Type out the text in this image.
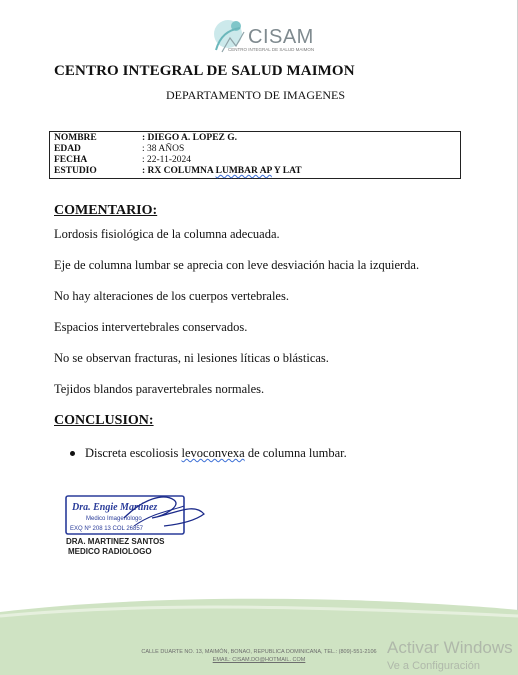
CISAM
CENTRO INTEGRAL DE SALUD MAIMON
CENTRO INTEGRAL DE SALUD MAIMON
DEPARTAMENTO DE IMAGENES
NOMBRE	: DIEGO A. LOPEZ G.
EDAD	: 38 AÑOS
FECHA	: 22-11-2024
ESTUDIO	: RX COLUMNA LUMBAR AP Y LAT
COMENTARIO:
Lordosis fisiológica de la columna adecuada.
Eje de columna lumbar se aprecia con leve desviación hacia la izquierda.
No hay alteraciones de los cuerpos vertebrales.
Espacios intervertebrales conservados.
No se observan fracturas, ni lesiones líticas o blásticas.
Tejidos blandos paravertebrales normales.
CONCLUSION:
Discreta escoliosis levoconvexa de columna lumbar.
Dra. Engie Martinez
Medico Imagenologo
EXQ Nº 208 13 COL 26857
DRA. MARTINEZ SANTOS
MEDICO RADIOLOGO
CALLE DUARTE NO. 13, MAIMÓN, BONAO, REPUBLICA DOMINICANA, TEL.: (809)-551-2106
EMAIL: CISAM.DO@HOTMAIL. COM
Activar Windows
Ve a Configuración
